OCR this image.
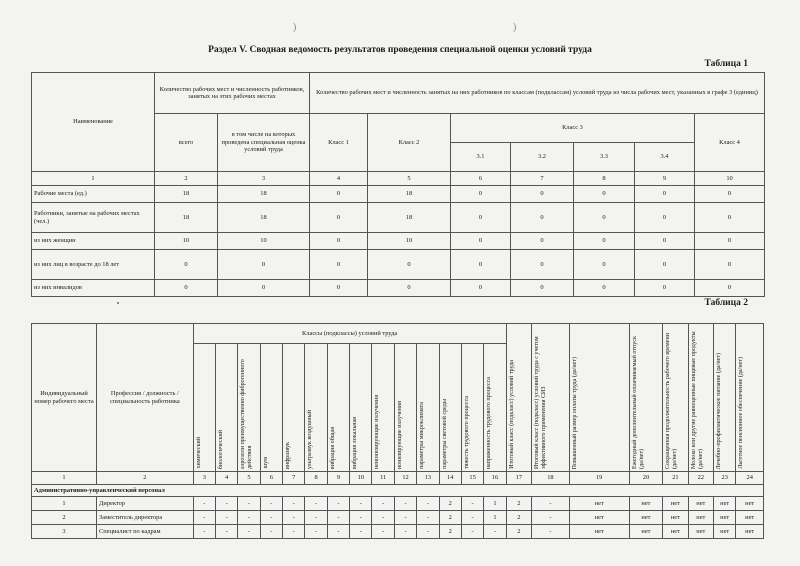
)	)
Раздел V. Сводная ведомость результатов проведения специальной оценки условий труда
Таблица 1
Наименование	Количество рабочих мест и численность работников, занятых на этих рабочих местах		Количество рабочих мест и численность занятых на них работников по классам (подклассам) условий труда из числа рабочих мест, указанных в графе 3 (единиц)						
	всего	в том числе на которых проведена специальная оценка условий труда	Класс 1	Класс 2	Класс 3				Класс 4
					3.1	3.2	3.3	3.4	
1	2	3	4	5	6	7	8	9	10
Рабочие места (ед.)	18	18	0	18	0	0	0	0	0
Работники, занятые на рабочих местах (чел.)	18	18	0	18	0	0	0	0	0
из них женщин	10	10	0	10	0	0	0	0	0
из них лиц в возрасте до 18 лет	0	0	0	0	0	0	0	0	0
из них инвалидов	0	0	0	0	0	0	0	0	0
Таблица 2
Индивидуальный номер рабочего места	Профессия / должность / специальность работника	Классы (подклассы) условий труда														Итоговый класс (подкласс) условий труда	Итоговый класс (подкласс) условий труда с учетом эффективного применения СИЗ	Повышенный размер оплаты труда (да/нет)	Ежегодный дополнительный оплачиваемый отпуск (да/нет)	Сокращенная продолжительность рабочего времени (да/нет)	Молоко или другие равноценные пищевые продукты (да/нет)	Лечебно-профилактическое питание (да/нет)	Льготное пенсионное обеспечение (да/нет)

		химический	биологический	аэрозоли преимущественно фиброгенного действия	шум	инфразвук	ультразвук воздушный	вибрация общая	вибрация локальная	неионизирующие излучения	ионизирующие излучения	параметры микроклимата	параметры световой среды	тяжесть трудового процесса	напряженность трудового процесса								

1	2	3	4	5	6	7	8	9	10	11	12	13	14	15	16	17	18	19	20	21	22	23	24
Административно-управленческий персонал																							
1	Директор	-	-	-	-	-	-	-	-	-	-	-	2	-	1	2	-	нет	нет	нет	нет	нет	нет
2	Заместитель директора	-	-	-	-	-	-	-	-	-	-	-	2	-	1	2	-	нет	нет	нет	нет	нет	нет
3	Специалист по кадрам	-	-	-	-	-	-	-	-	-	-	-	2	-	-	2	-	нет	нет	нет	нет	нет	нет
